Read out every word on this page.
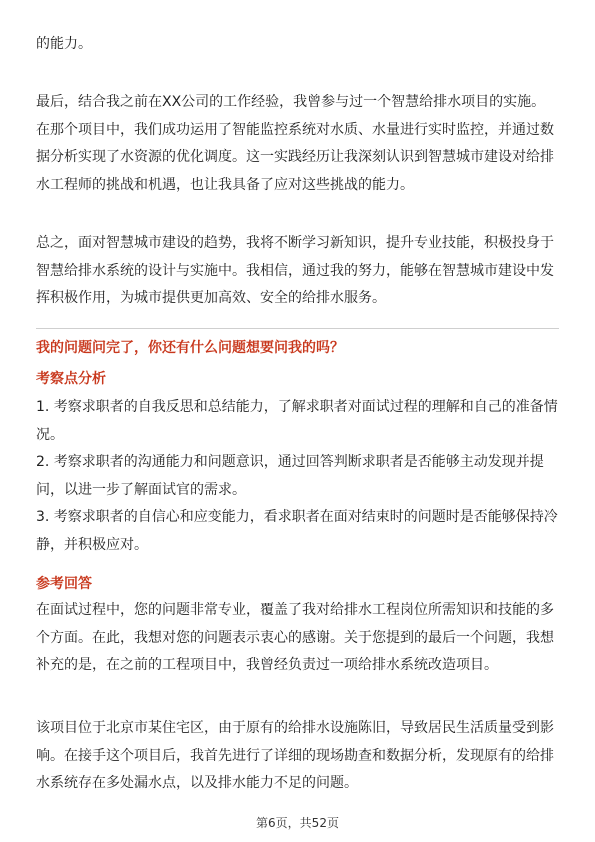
的能力。

最后，结合我之前在XX公司的工作经验，我曾参与过一个智慧给排水项目的实施。在那个项目中，我们成功运用了智能监控系统对水质、水量进行实时监控，并通过数据分析实现了水资源的优化调度。这一实践经历让我深刻认识到智慧城市建设对给排水工程师的挑战和机遇，也让我具备了应对这些挑战的能力。

总之，面对智慧城市建设的趋势，我将不断学习新知识，提升专业技能，积极投身于智慧给排水系统的设计与实施中。我相信，通过我的努力，能够在智慧城市建设中发挥积极作用，为城市提供更加高效、安全的给排水服务。

我的问题问完了，你还有什么问题想要问我的吗？

考察点分析

1. 考察求职者的自我反思和总结能力，了解求职者对面试过程的理解和自己的准备情况。

2. 考察求职者的沟通能力和问题意识，通过回答判断求职者是否能够主动发现并提问，以进一步了解面试官的需求。

3. 考察求职者的自信心和应变能力，看求职者在面对结束时的问题时是否能够保持冷静，并积极应对。

参考回答

在面试过程中，您的问题非常专业，覆盖了我对给排水工程岗位所需知识和技能的多个方面。在此，我想对您的问题表示衷心的感谢。关于您提到的最后一个问题，我想补充的是，在之前的工程项目中，我曾经负责过一项给排水系统改造项目。

该项目位于北京市某住宅区，由于原有的给排水设施陈旧，导致居民生活质量受到影响。在接手这个项目后，我首先进行了详细的现场勘查和数据分析，发现原有的给排水系统存在多处漏水点，以及排水能力不足的问题。

第6页，共52页
